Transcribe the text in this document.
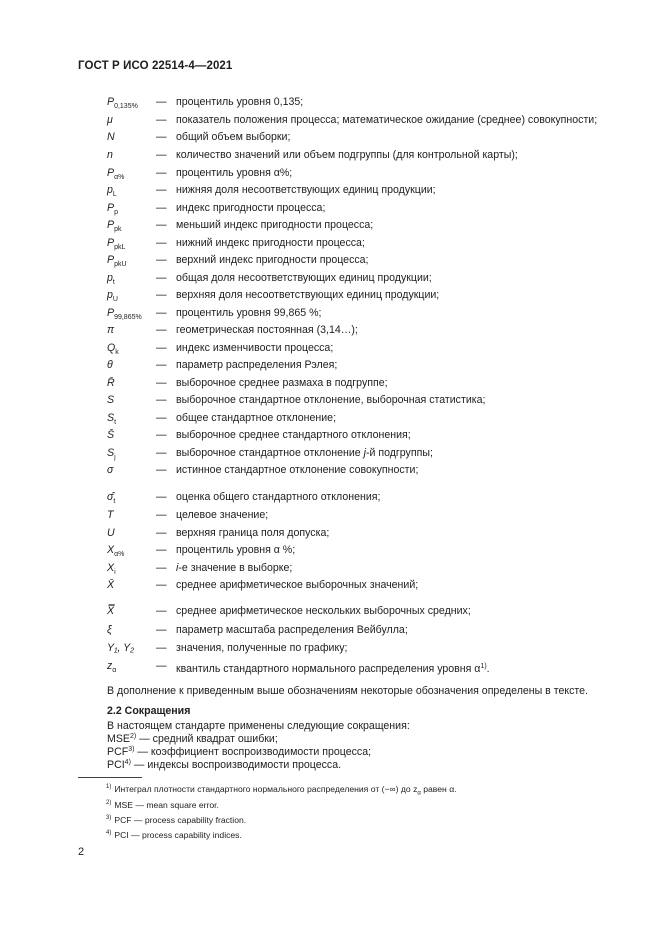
ГОСТ Р ИСО 22514-4—2021
$P_{0,135\%}$ — процентиль уровня 0,135;
μ	— показатель положения процесса; математическое ожидание (среднее) совокупности;
N	— общий объем выборки;
n	— количество значений или объем подгруппы (для контрольной карты);
$P_{\alpha\%}$	— процентиль уровня α%;
$p_L$	— нижняя доля несоответствующих единиц продукции;
$P_p$	— индекс пригодности процесса;
$P_{pk}$	— меньший индекс пригодности процесса;
$P_{pkL}$	— нижний индекс пригодности процесса;
$P_{pkU}$	— верхний индекс пригодности процесса;
$p_t$	— общая доля несоответствующих единиц продукции;
$p_U$	— верхняя доля несоответствующих единиц продукции;
$P_{99,865\%}$ — процентиль уровня 99,865 %;
π	— геометрическая постоянная (3,14…);
$Q_k$	— индекс изменчивости процесса;
θ	— параметр распределения Рэлея;
R̄	— выборочное среднее размаха в подгруппе;
S	— выборочное стандартное отклонение, выборочная статистика;
$S_t$	— общее стандартное отклонение;
S̄	— выборочное среднее стандартного отклонения;
$S_j$	— выборочное стандартное отклонение j-й подгруппы;
σ	— истинное стандартное отклонение совокупности;
$\sigmâ_t$	— оценка общего стандартного отклонения;
T	— целевое значение;
U	— верхняя граница поля допуска;
$X_{\alpha\%}$	— процентиль уровня α %;
$X_i$	— i-е значение в выборке;
X̄	— среднее арифметическое выборочных значений;
X̿	— среднее арифметическое нескольких выборочных средних;
ξ	— параметр масштаба распределения Вейбулла;
Y₁, Y₂ — значения, полученные по графику;
$z_\alpha$	— квантиль стандартного нормального распределения уровня $\alpha^{1)}$.
В дополнение к приведенным выше обозначениям некоторые обозначения определены в тексте.
2.2 Сокращения
В настоящем стандарте применены следующие сокращения:
MSE$^{2)}$ — средний квадрат ошибки;
PCF$^{3)}$ — коэффициент воспроизводимости процесса;
PCI$^{4)}$ — индексы воспроизводимости процесса.
$^{1)}$ Интеграл плотности стандартного нормального распределения от (−∞) до $z_\alpha$ равен α.
$^{2)}$ MSE — mean square error.
$^{3)}$ PCF — process capability fraction.
$^{4)}$ PCI — process capability indices.
2
